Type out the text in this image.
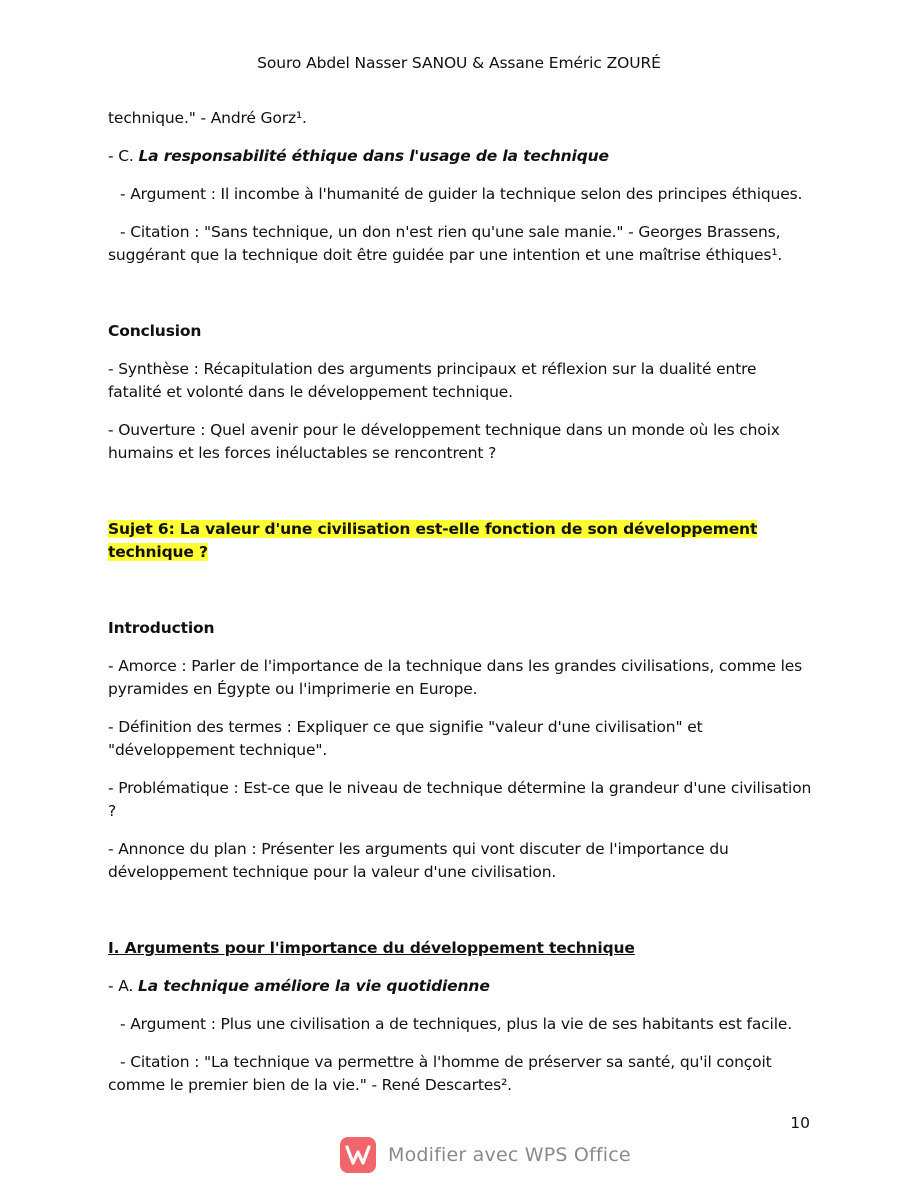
Souro Abdel Nasser SANOU & Assane Eméric ZOURÉ

technique." - André Gorz¹.

- C. La responsabilité éthique dans l'usage de la technique

- Argument : Il incombe à l'humanité de guider la technique selon des principes éthiques.

- Citation : "Sans technique, un don n'est rien qu'une sale manie." - Georges Brassens, suggérant que la technique doit être guidée par une intention et une maîtrise éthiques¹.

Conclusion

- Synthèse : Récapitulation des arguments principaux et réflexion sur la dualité entre fatalité et volonté dans le développement technique.

- Ouverture : Quel avenir pour le développement technique dans un monde où les choix humains et les forces inéluctables se rencontrent ?

Sujet 6: La valeur d'une civilisation est-elle fonction de son développement technique ?

Introduction

- Amorce : Parler de l'importance de la technique dans les grandes civilisations, comme les pyramides en Égypte ou l'imprimerie en Europe.

- Définition des termes : Expliquer ce que signifie "valeur d'une civilisation" et "développement technique".

- Problématique : Est-ce que le niveau de technique détermine la grandeur d'une civilisation ?

- Annonce du plan : Présenter les arguments qui vont discuter de l'importance du développement technique pour la valeur d'une civilisation.

I. Arguments pour l'importance du développement technique

- A. La technique améliore la vie quotidienne

- Argument : Plus une civilisation a de techniques, plus la vie de ses habitants est facile.

- Citation : "La technique va permettre à l'homme de préserver sa santé, qu'il conçoit comme le premier bien de la vie." - René Descartes².

10
Modifier avec WPS Office
